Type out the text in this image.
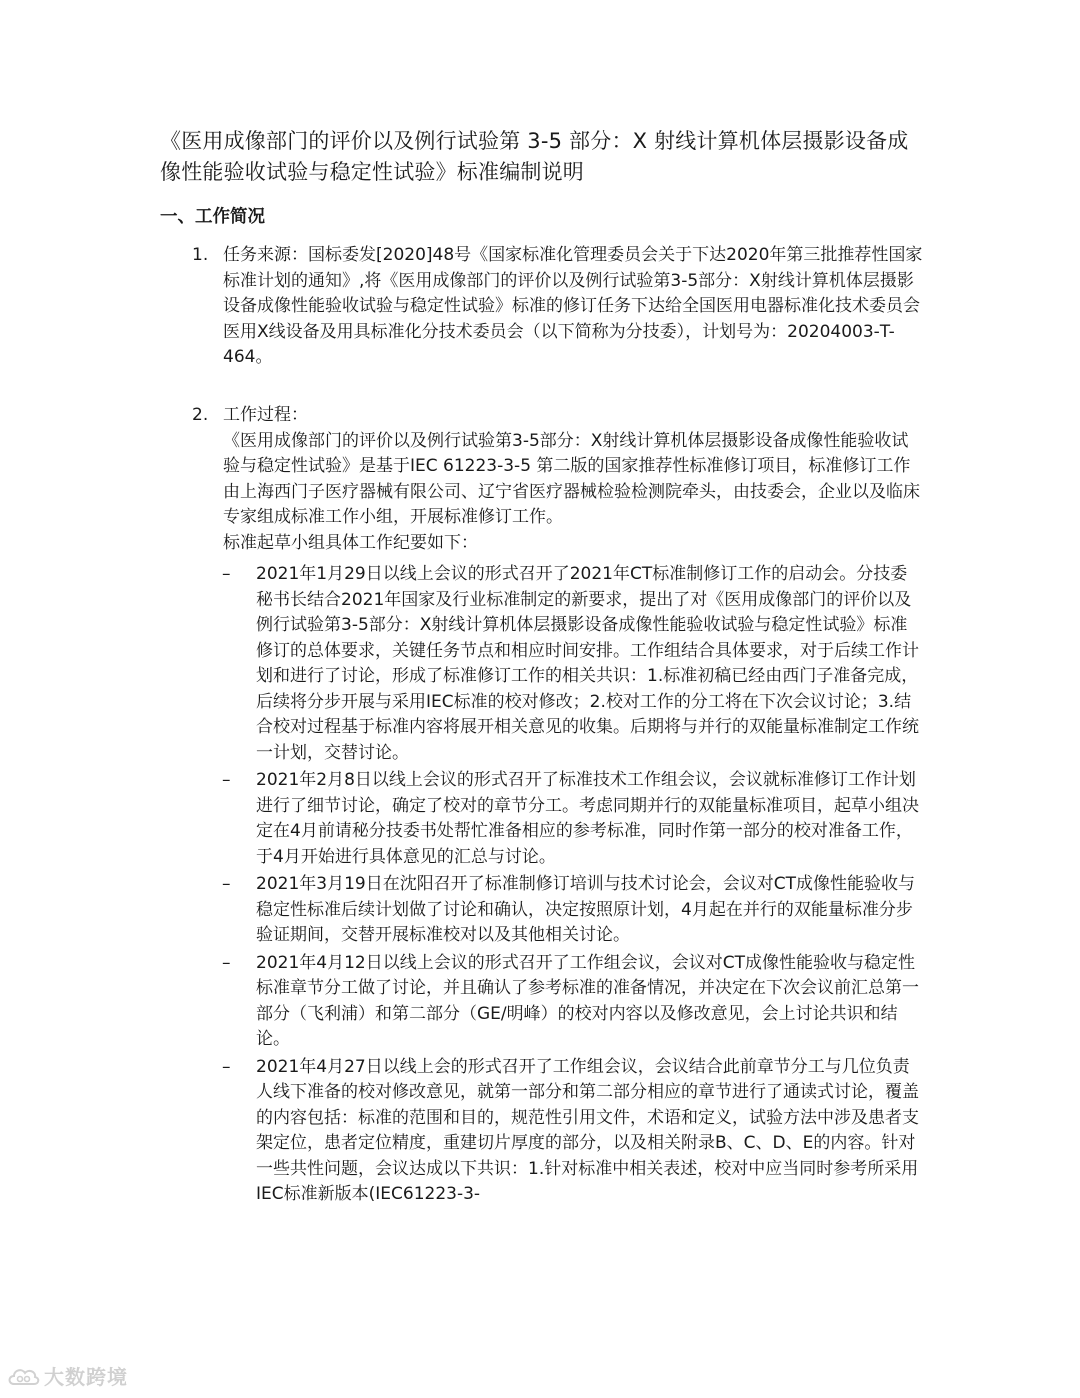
《医用成像部门的评价以及例行试验第 3-5 部分：X 射线计算机体层摄影设备成像性能验收试验与稳定性试验》标准编制说明
一、工作简况
1. 任务来源：国标委发[2020]48号《国家标准化管理委员会关于下达2020年第三批推荐性国家标准计划的通知》,将《医用成像部门的评价以及例行试验第3-5部分：X射线计算机体层摄影设备成像性能验收试验与稳定性试验》标准的修订任务下达给全国医用电器标准化技术委员会医用X线设备及用具标准化分技术委员会（以下简称为分技委），计划号为：20204003-T-464。

2. 工作过程：

《医用成像部门的评价以及例行试验第3-5部分：X射线计算机体层摄影设备成像性能验收试验与稳定性试验》是基于IEC 61223-3-5 第二版的国家推荐性标准修订项目，标准修订工作由上海西门子医疗器械有限公司、辽宁省医疗器械检验检测院牵头，由技委会，企业以及临床专家组成标准工作小组，开展标准修订工作。

标准起草小组具体工作纪要如下：

–	2021年1月29日以线上会议的形式召开了2021年CT标准制修订工作的启动会。分技委秘书长结合2021年国家及行业标准制定的新要求，提出了对《医用成像部门的评价以及例行试验第3-5部分：X射线计算机体层摄影设备成像性能验收试验与稳定性试验》标准修订的总体要求，关键任务节点和相应时间安排。工作组结合具体要求，对于后续工作计划和进行了讨论，形成了标准修订工作的相关共识：1.标准初稿已经由西门子准备完成，后续将分步开展与采用IEC标准的校对修改；2.校对工作的分工将在下次会议讨论；3.结合校对过程基于标准内容将展开相关意见的收集。后期将与并行的双能量标准制定工作统一计划，交替讨论。
–	2021年2月8日以线上会议的形式召开了标准技术工作组会议，会议就标准修订工作计划进行了细节讨论，确定了校对的章节分工。考虑同期并行的双能量标准项目，起草小组决定在4月前请秘分技委书处帮忙准备相应的参考标准，同时作第一部分的校对准备工作，于4月开始进行具体意见的汇总与讨论。
–	2021年3月19日在沈阳召开了标准制修订培训与技术讨论会，会议对CT成像性能验收与稳定性标准后续计划做了讨论和确认，决定按照原计划，4月起在并行的双能量标准分步验证期间，交替开展标准校对以及其他相关讨论。
–	2021年4月12日以线上会议的形式召开了工作组会议，会议对CT成像性能验收与稳定性标准章节分工做了讨论，并且确认了参考标准的准备情况，并决定在下次会议前汇总第一部分（飞利浦）和第二部分（GE/明峰）的校对内容以及修改意见，会上讨论共识和结论。
–	2021年4月27日以线上会的形式召开了工作组会议，会议结合此前章节分工与几位负责人线下准备的校对修改意见，就第一部分和第二部分相应的章节进行了通读式讨论，覆盖的内容包括：标准的范围和目的，规范性引用文件，术语和定义，试验方法中涉及患者支架定位，患者定位精度，重建切片厚度的部分，以及相关附录B、C、D、E的内容。针对一些共性问题，会议达成以下共识：1.针对标准中相关表述，校对中应当同时参考所采用IEC标准新版本(IEC61223-3-
大数跨境
